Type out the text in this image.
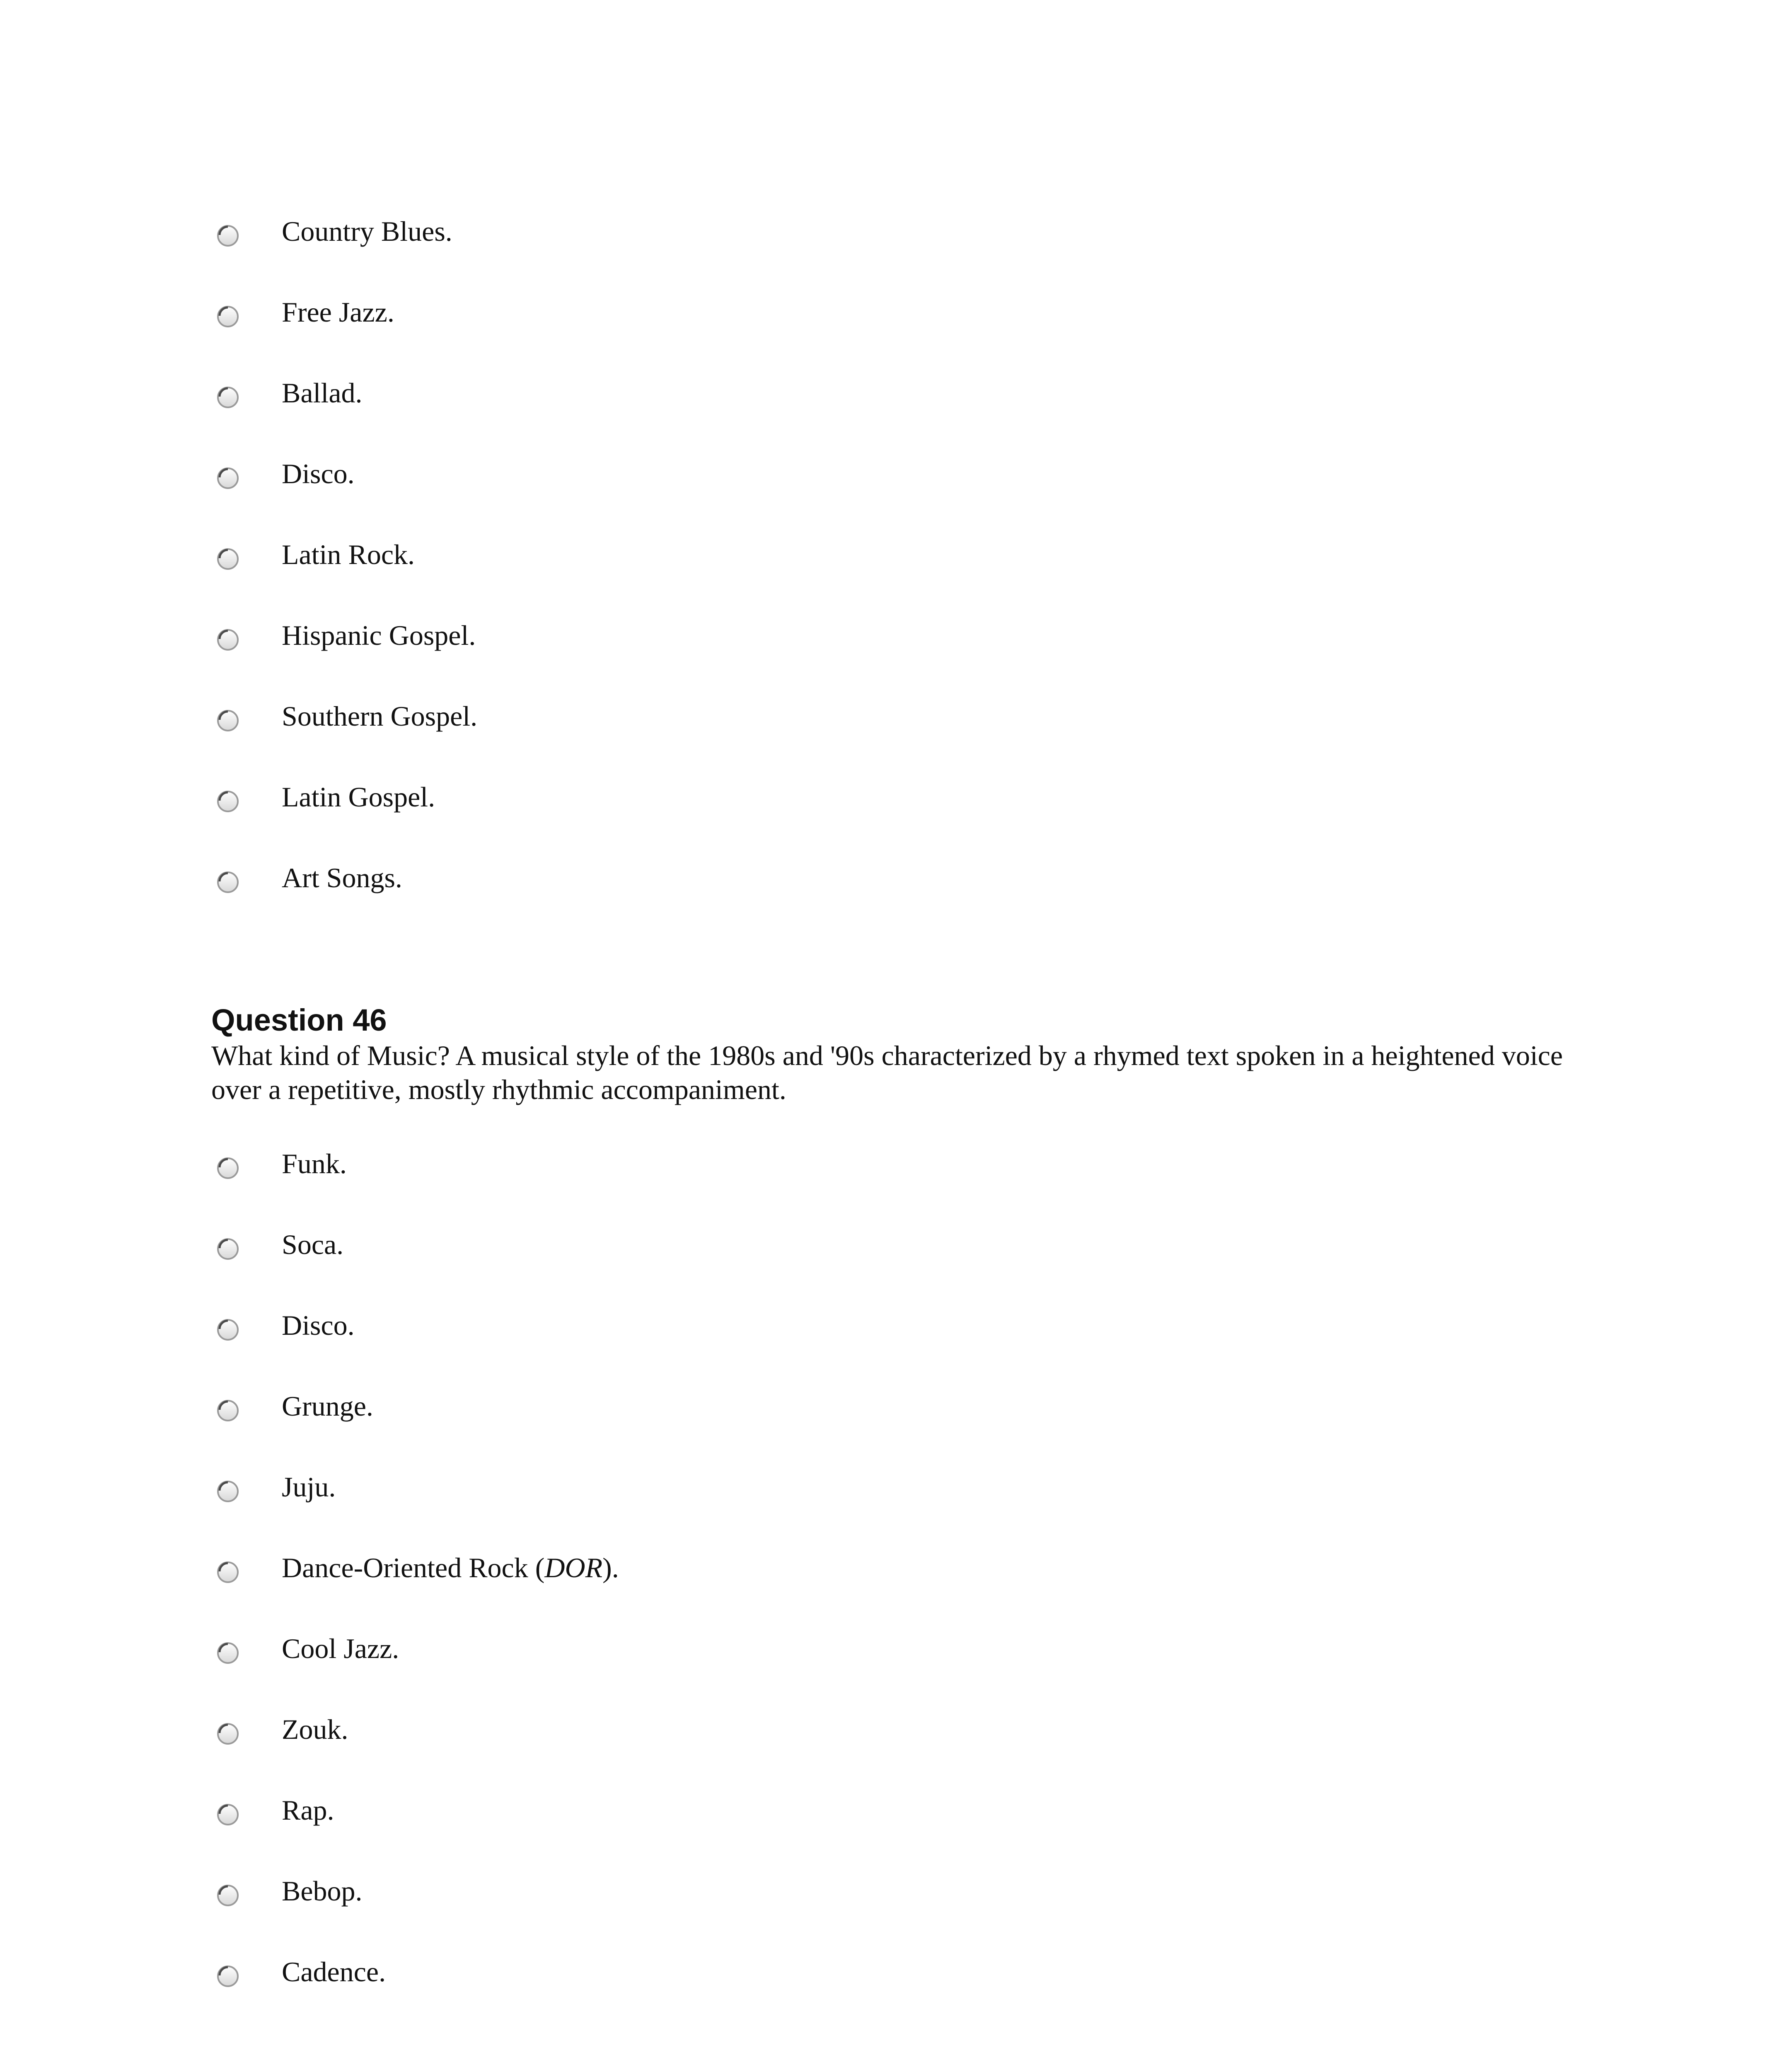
Country Blues.
Free Jazz.
Ballad.
Disco.
Latin Rock.
Hispanic Gospel.
Southern Gospel.
Latin Gospel.
Art Songs.
Question 46

What kind of Music? A musical style of the 1980s and '90s characterized by a rhymed text spoken in a heightened voice over a repetitive, mostly rhythmic accompaniment.

Funk.
Soca.
Disco.
Grunge.
Juju.
Dance-Oriented Rock (DOR).
Cool Jazz.
Zouk.
Rap.
Bebop.
Cadence.
